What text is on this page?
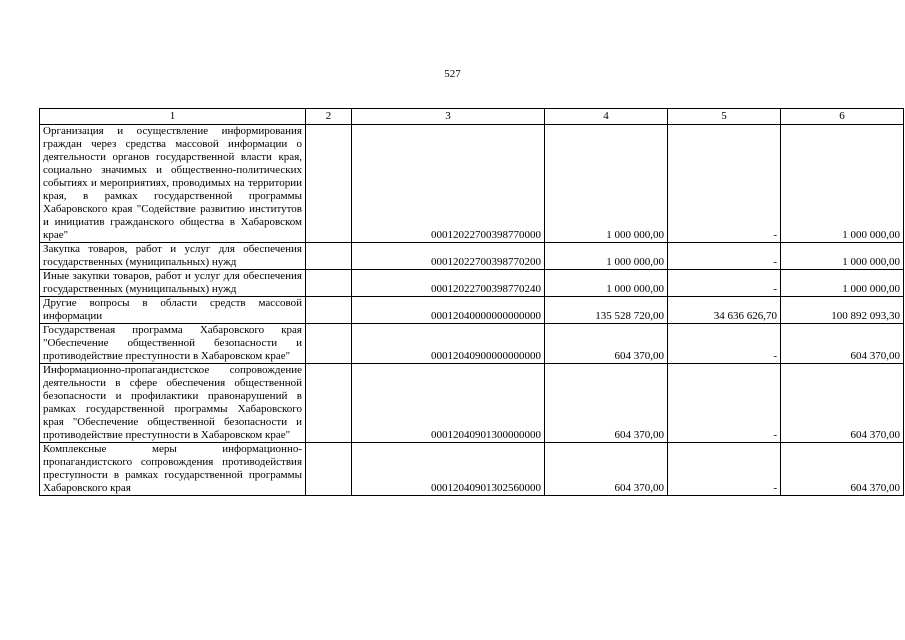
527
1	2	3	4	5	6
Организация и осуществление информирования граждан через средства массовой информации о деятельности органов государственной власти края, социально значимых и общественно-политических событиях и мероприятиях, проводимых на территории края, в рамках государственной программы Хабаровского края "Содействие развитию институтов и инициатив гражданского общества в Хабаровском крае"		00012022700398770000	1 000 000,00	-	1 000 000,00
Закупка товаров, работ и услуг для обеспечения государственных (муниципальных) нужд		00012022700398770200	1 000 000,00	-	1 000 000,00
Иные закупки товаров, работ и услуг для обеспечения государственных (муниципальных) нужд		00012022700398770240	1 000 000,00	-	1 000 000,00
Другие вопросы в области средств массовой информации		00012040000000000000	135 528 720,00	34 636 626,70	100 892 093,30
Государственая программа Хабаровского края "Обеспечение общественной безопасности и противодействие преступности в Хабаровском крае"		00012040900000000000	604 370,00	-	604 370,00
Информационно-пропагандистское сопровождение деятельности в сфере обеспечения общественной безопасности и профилактики правонарушений в рамках государственной программы Хабаровского края "Обеспечение общественной безопасности и противодействие преступности в Хабаровском крае"		00012040901300000000	604 370,00	-	604 370,00
Комплексные меры информационно-пропагандистского сопровождения противодействия преступности в рамках государственной программы Хабаровского края		00012040901302560000	604 370,00	-	604 370,00
